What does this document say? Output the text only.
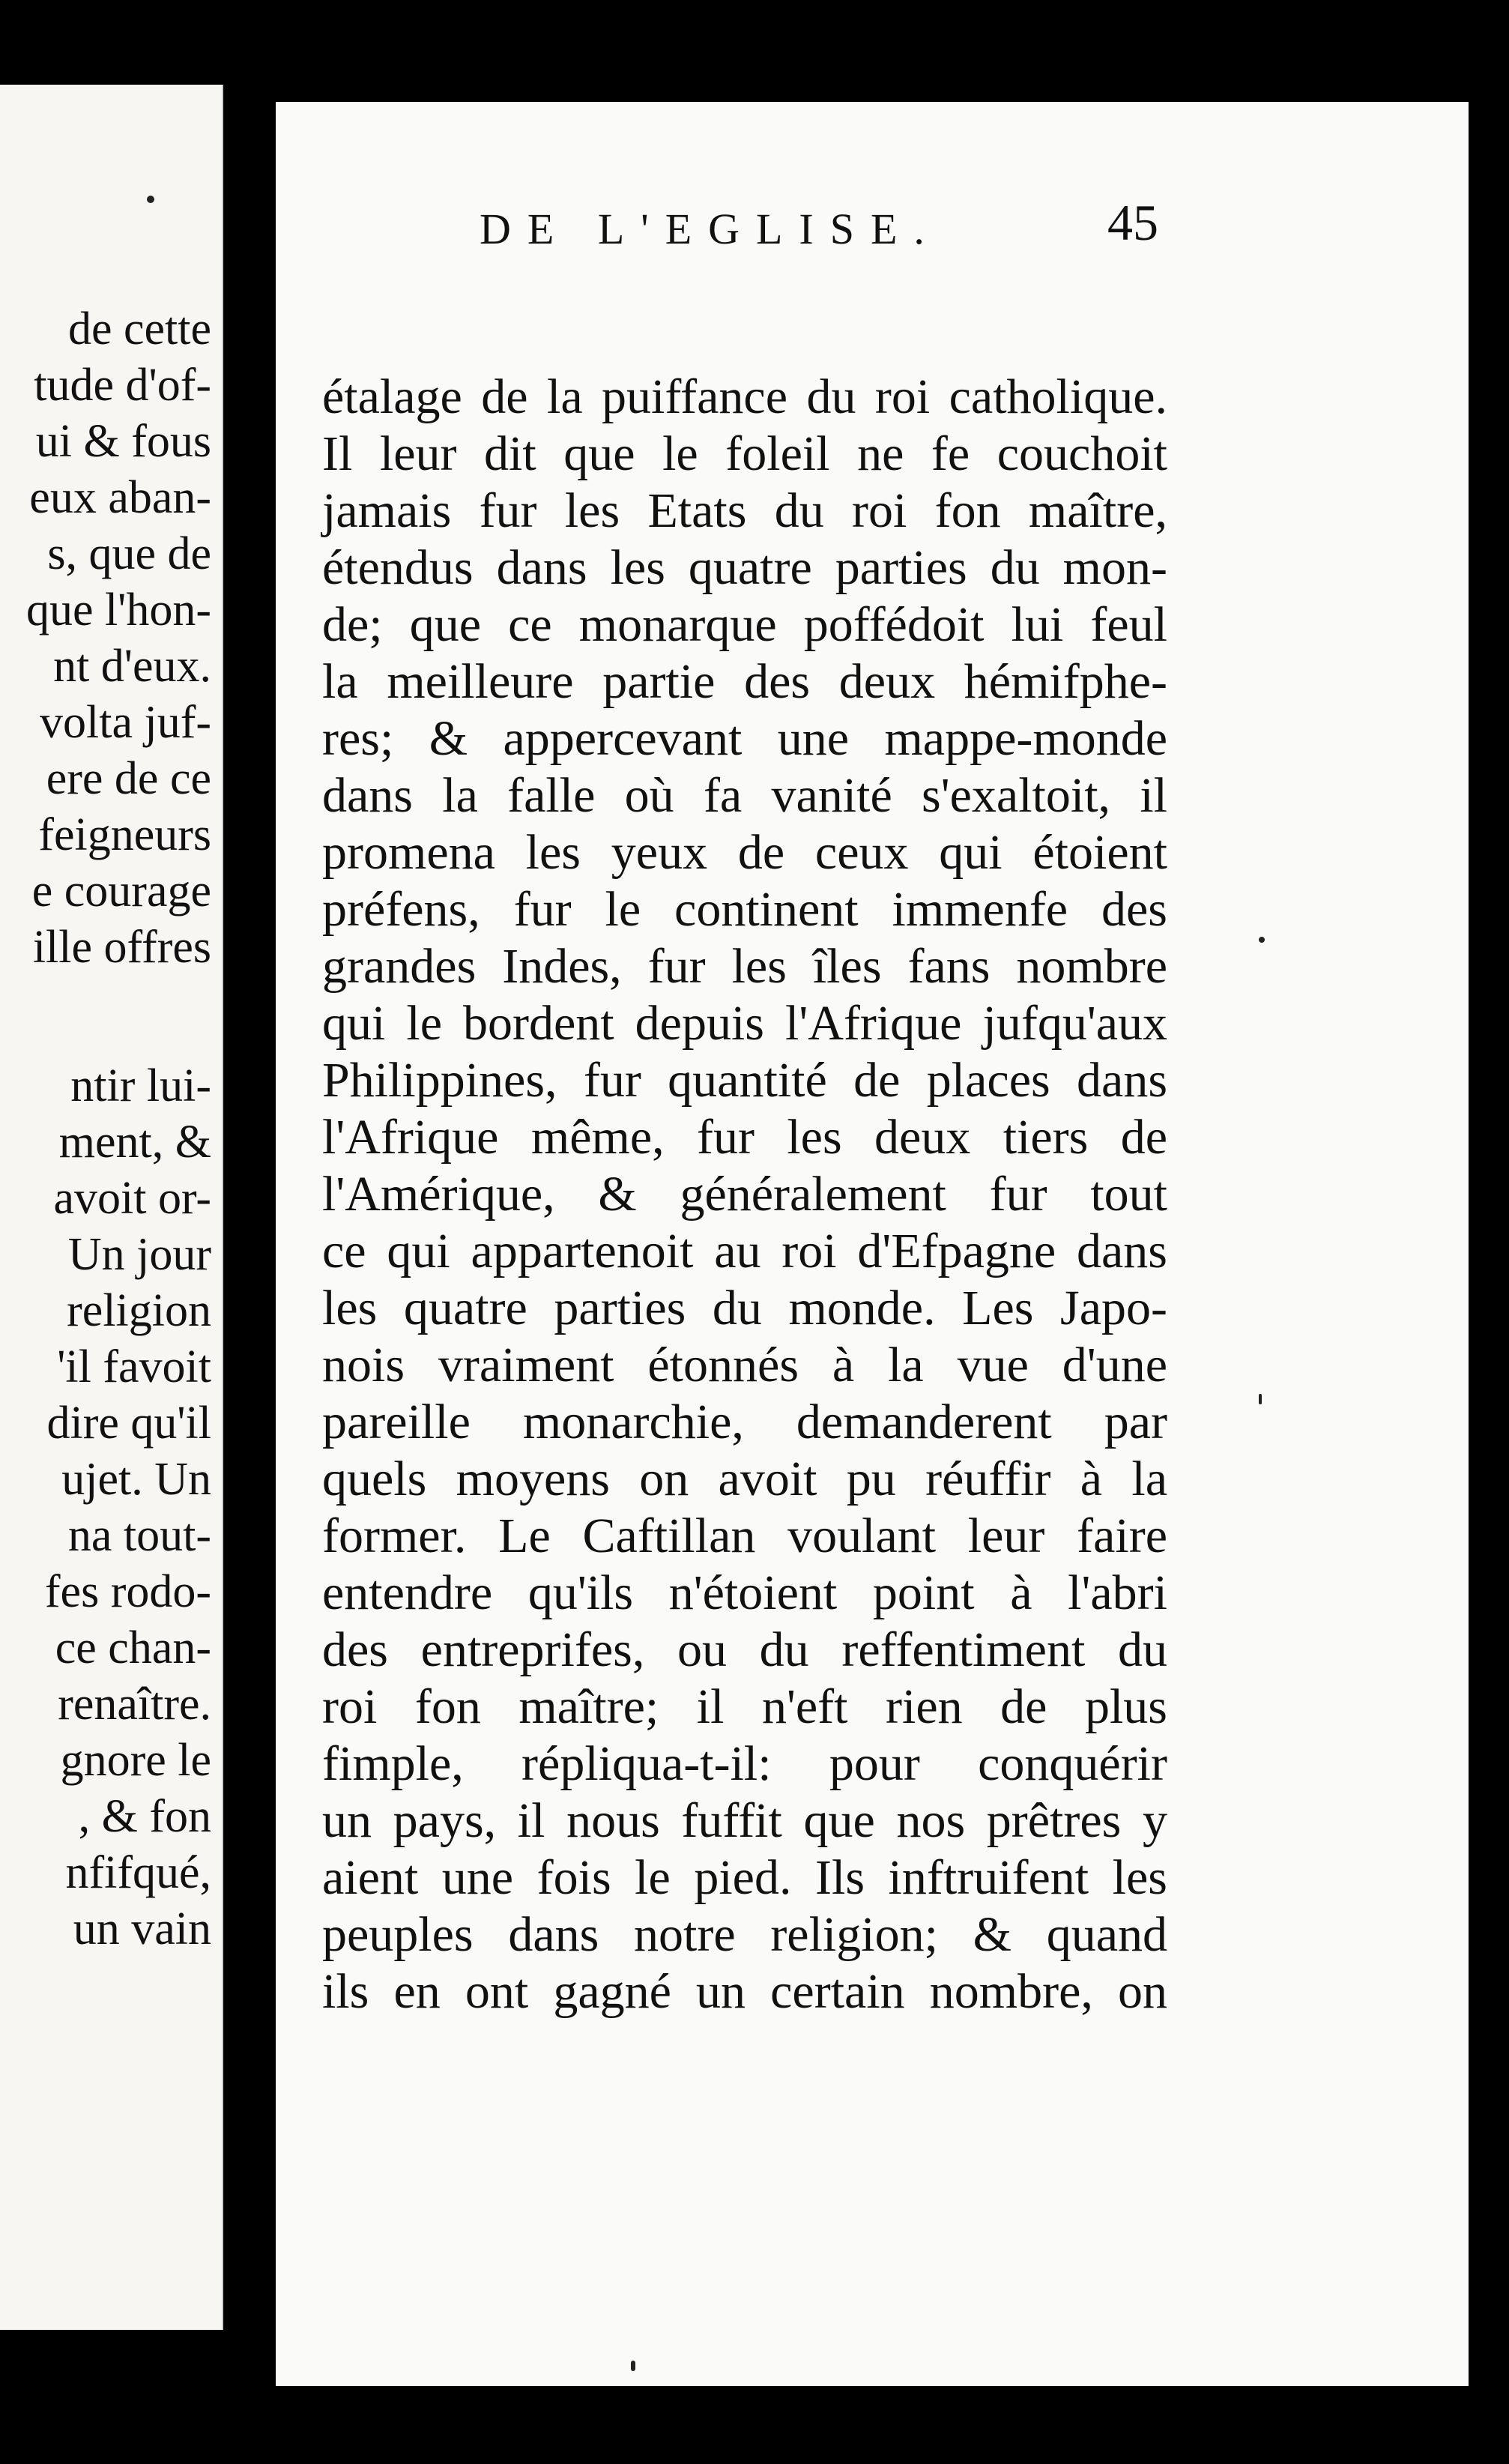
de cette
tude d'of-
ui & fous
eux aban-
s, que de
que l'hon-
nt d'eux.
volta juf-
ere de ce
feigneurs
e courage
ille offres
ntir lui-
ment, &
avoit or-
Un jour
religion
'il favoit
dire qu'il
ujet. Un
na tout-
fes rodo-
ce chan-
renaître.
gnore le
, & fon
nfifqué,
un vain
DE L'EGLISE.	45
étalage de la puiffance du roi catholique.
Il leur dit que le foleil ne fe couchoit
jamais fur les Etats du roi fon maître,
étendus dans les quatre parties du mon-
de; que ce monarque poffédoit lui feul
la meilleure partie des deux hémifphe-
res; & appercevant une mappe-monde
dans la falle où fa vanité s'exaltoit, il
promena les yeux de ceux qui étoient
préfens, fur le continent immenfe des
grandes Indes, fur les îles fans nombre
qui le bordent depuis l'Afrique jufqu'aux
Philippines, fur quantité de places dans
l'Afrique même, fur les deux tiers de
l'Amérique, & généralement fur tout
ce qui appartenoit au roi d'Efpagne dans
les quatre parties du monde. Les Japo-
nois vraiment étonnés à la vue d'une
pareille monarchie, demanderent par
quels moyens on avoit pu réuffir à la
former. Le Caftillan voulant leur faire
entendre qu'ils n'étoient point à l'abri
des entreprifes, ou du reffentiment du
roi fon maître; il n'eft rien de plus
fimple, répliqua-t-il: pour conquérir
un pays, il nous fuffit que nos prêtres y
aient une fois le pied. Ils inftruifent les
peuples dans notre religion; & quand
ils en ont gagné un certain nombre, on
